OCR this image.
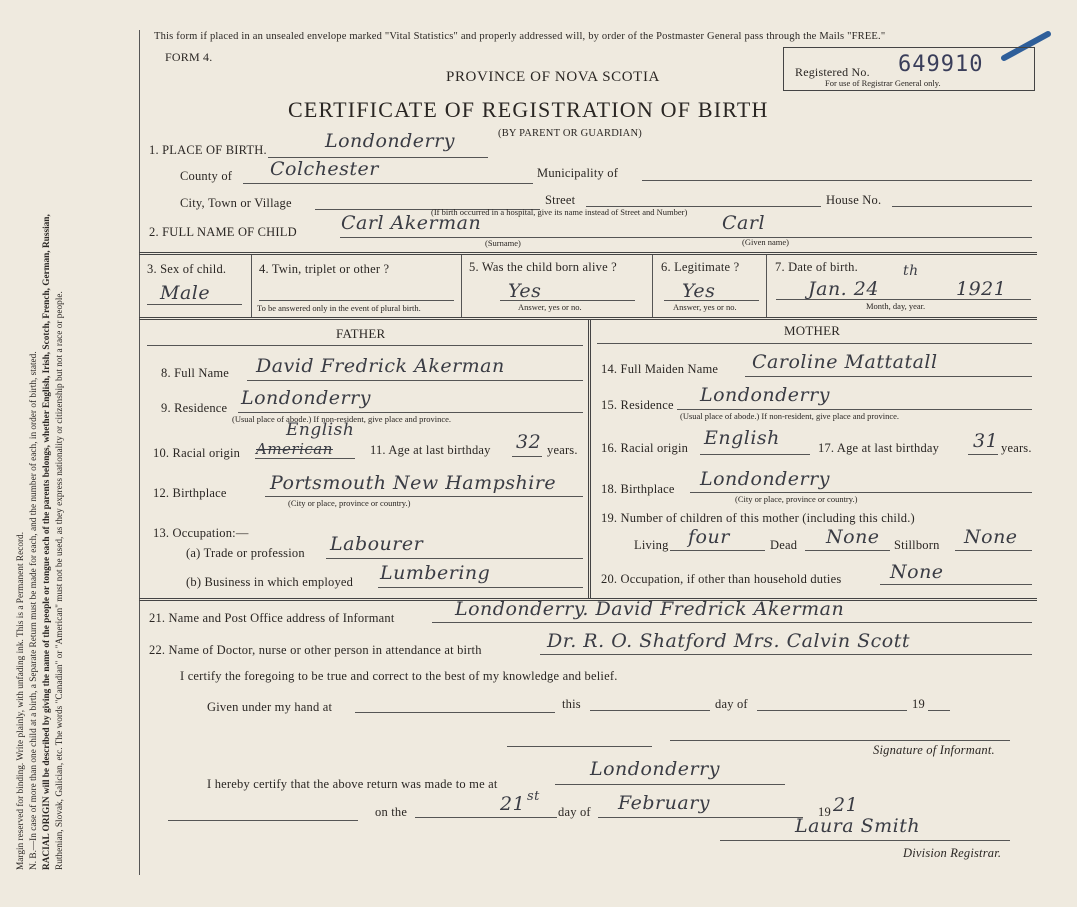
Margin reserved for binding. Write plainly, with unfading ink. This is a Permanent Record. N. B.—In case of more than one child at a birth, a Separate Return must be made for each, and the number of each, in order of birth, stated. RACIAL ORIGIN will be described by giving the name of the people or tongue each of the parents belongs, whether English, Irish, Scotch, French, German, Russian, Ruthenian, Slovak, Galician, etc. The words "Canadian" or "American" must not be used, as they express nationality or citizenship but not a race or people.
This form if placed in an unsealed envelope marked "Vital Statistics" and properly addressed will, by order of the Postmaster General pass through the Mails "FREE."
FORM 4.
PROVINCE OF NOVA SCOTIA
CERTIFICATE OF REGISTRATION OF BIRTH
(BY PARENT OR GUARDIAN)
Registered No. 649910
For use of Registrar General only.
1. PLACE OF BIRTH.	Londonderry
County of Colchester	Municipality of
City, Town or Village	Street	House No.
(If birth occurred in a hospital, give its name instead of Street and Number)
2. FULL NAME OF CHILD Carl Akerman	Carl
(Surname)	(Given name)
3. Sex of child.
Male
4. Twin, triplet or other ?
To be answered only in the event of plural birth.
5. Was the child born alive ?
Yes
Answer, yes or no.
6. Legitimate ?
Yes
Answer, yes or no.
7. Date of birth.
Jan. 24
th
1921
Month, day, year.
FATHER	MOTHER
8. Full Name David Fredrick Akerman
9. Residence Londonderry
(Usual place of abode.) If non-resident, give place and province.
10. Racial origin
English
American	11. Age at last birthday 32 years.
12. Birthplace Portsmouth New Hampshire
(City or place, province or country.)
13. Occupation:—
(a) Trade or profession Labourer
(b) Business in which employed Lumbering
14. Full Maiden Name Caroline Mattatall
15. Residence Londonderry
(Usual place of abode.) If non-resident, give place and province.
16. Racial origin English	17. Age at last birthday 31 years.
18. Birthplace Londonderry
(City or place, province or country.)
19. Number of children of this mother (including this child.)
Living four	Dead None Stillborn None
20. Occupation, if other than household duties	None
21. Name and Post Office address of Informant	Londonderry. David Fredrick Akerman
22. Name of Doctor, nurse or other person in attendance at birth	Dr. R. O. Shatford Mrs. Calvin Scott
I certify the foregoing to be true and correct to the best of my knowledge and belief.
Given under my hand at	this	day of	19
Signature of Informant.
I hereby certify that the above return was made to me at
Londonderry
on the	21 st
day of February	19 21
Laura Smith
Division Registrar.
